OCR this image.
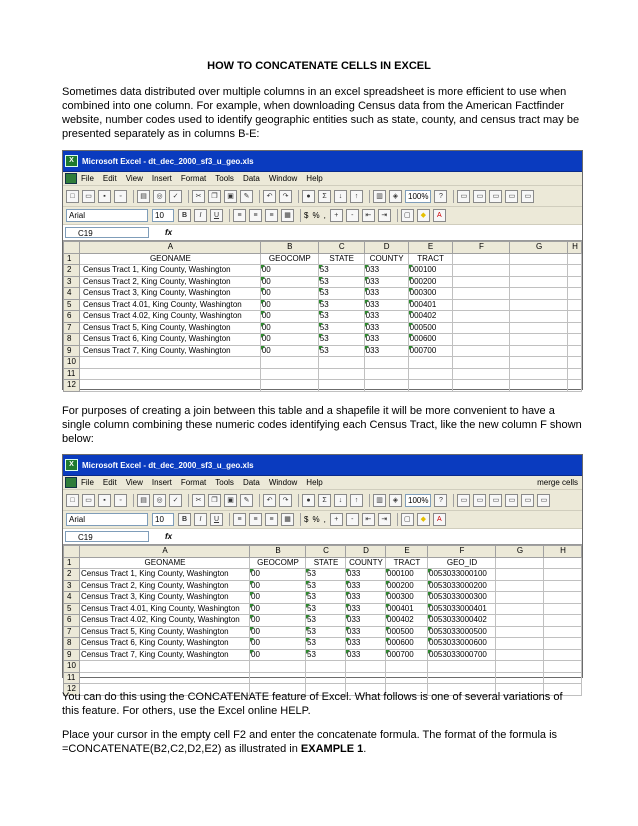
HOW TO CONCATENATE CELLS IN EXCEL
Sometimes data distributed over multiple columns in an excel spreadsheet is more efficient to use when combined into one column. For example, when downloading Census data from the American Factfinder website, number codes used to identify geographic entities such as state, county, and census tract may be presented separately as in columns B-E:
X	Microsoft Excel - dt_dec_2000_sf3_u_geo.xls
File Edit View Insert Format Tools Data Window Help
□	▭	▪	◦	▤	◎	✓	✂	❐	▣	✎	↶	↷	●	Σ	↓	↑	▥	◈	100%	?	▭	▭	▭	▭	▭
Arial	10	B	I	U	≡	≡	≡	▦	$ % ,	+	-	⇤	⇥	▢	◆	A
C19	fx
	A	B	C	D	E	F	G	H
1	GEONAME	GEOCOMP	STATE	COUNTY	TRACT			
2	Census Tract 1, King County, Washington	00	53	033	000100			
3	Census Tract 2, King County, Washington	00	53	033	000200			
4	Census Tract 3, King County, Washington	00	53	033	000300			
5	Census Tract 4.01, King County, Washington	00	53	033	000401			
6	Census Tract 4.02, King County, Washington	00	53	033	000402			
7	Census Tract 5, King County, Washington	00	53	033	000500			
8	Census Tract 6, King County, Washington	00	53	033	000600			
9	Census Tract 7, King County, Washington	00	53	033	000700			
10								
11								
12								
For purposes of creating a join between this table and a shapefile it will be more convenient to have a single column combining these numeric codes identifying each Census Tract, like the new column F shown below:
X	Microsoft Excel - dt_dec_2000_sf3_u_geo.xls
File Edit View Insert Format Tools Data Window Help	merge cells
□	▭	▪	◦	▤	◎	✓	✂	❐	▣	✎	↶	↷	●	Σ	↓	↑	▥	◈	100%	?	▭	▭	▭	▭	▭	▭
Arial	10	B	I	U	≡	≡	≡	▦	$ % ,	+	-	⇤	⇥	▢	◆	A
C19	fx
	A	B	C	D	E	F	G	H
1	GEONAME	GEOCOMP	STATE	COUNTY	TRACT	GEO_ID		
2	Census Tract 1, King County, Washington	00	53	033	000100	0053033000100		
3	Census Tract 2, King County, Washington	00	53	033	000200	0053033000200		
4	Census Tract 3, King County, Washington	00	53	033	000300	0053033000300		
5	Census Tract 4.01, King County, Washington	00	53	033	000401	0053033000401		
6	Census Tract 4.02, King County, Washington	00	53	033	000402	0053033000402		
7	Census Tract 5, King County, Washington	00	53	033	000500	0053033000500		
8	Census Tract 6, King County, Washington	00	53	033	000600	0053033000600		
9	Census Tract 7, King County, Washington	00	53	033	000700	0053033000700		
10								
11								
12								
You can do this using the CONCATENATE feature of Excel. What follows is one of several variations of this feature. For others, use the Excel online HELP.
Place your cursor in the empty cell F2 and enter the concatenate formula. The format of the formula is =CONCATENATE(B2,C2,D2,E2) as illustrated in EXAMPLE 1.
